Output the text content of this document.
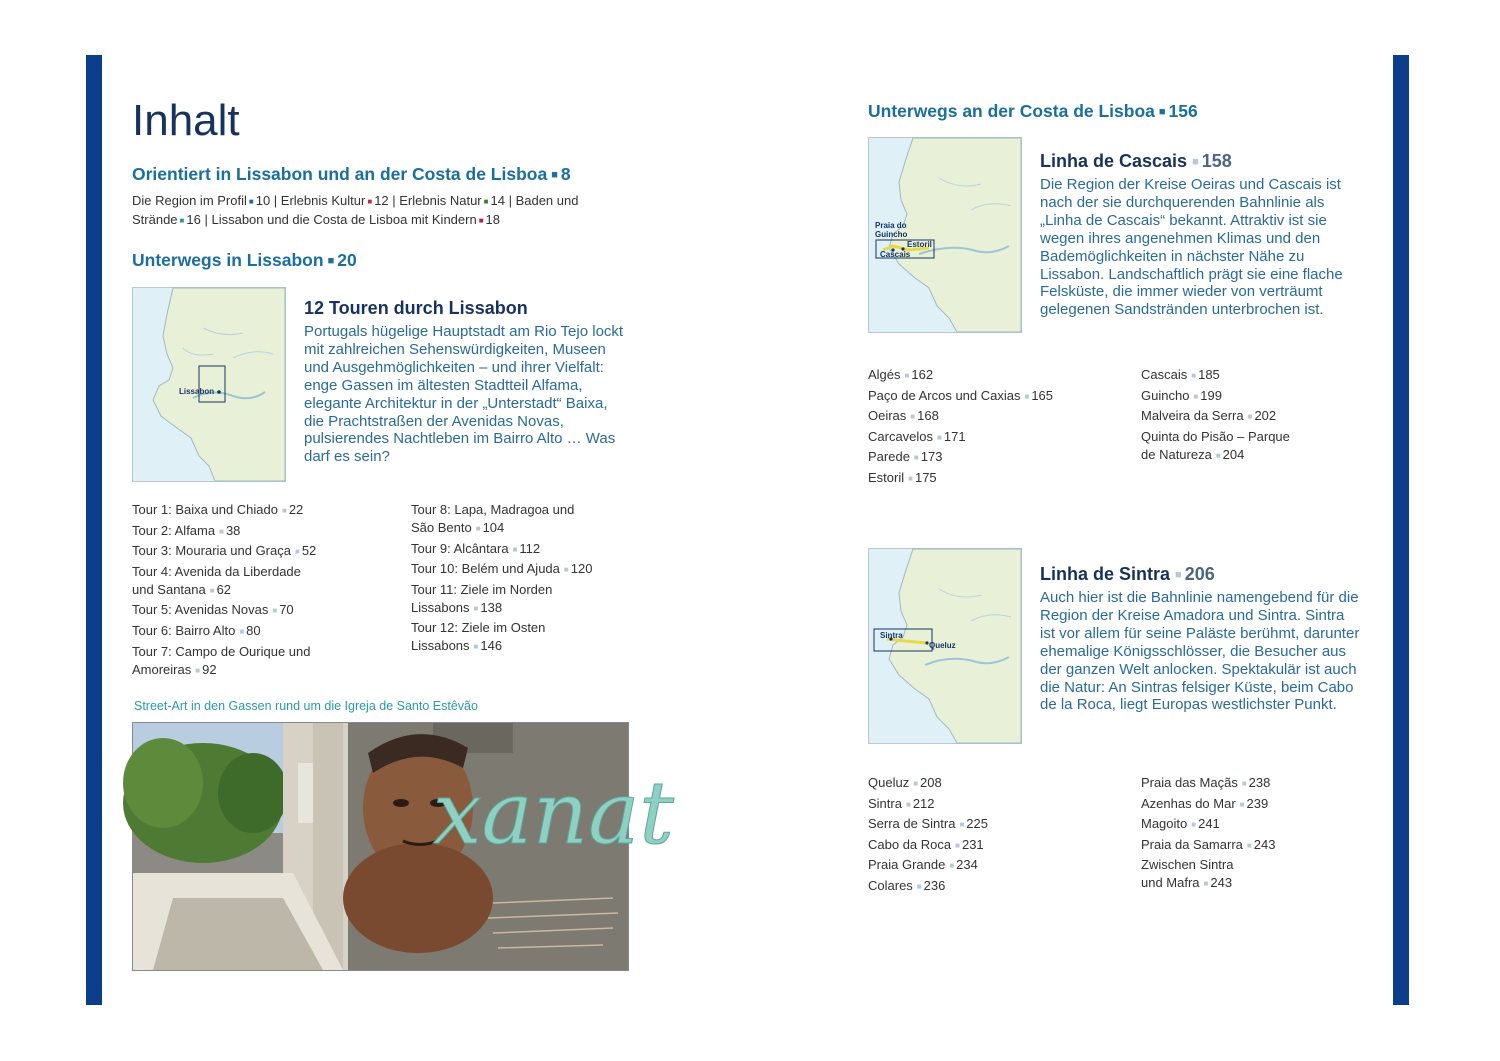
Inhalt
Orientiert in Lissabon und an der Costa de Lisboa ■ 8

Die Region im Profil ■ 10 | Erlebnis Kultur ■ 12 | Erlebnis Natur ■ 14 | Baden und Strände ■ 16 | Lissabon und die Costa de Lisboa mit Kindern ■ 18

Unterwegs in Lissabon ■ 20
Lissabon
12 Touren durch Lissabon

Portugals hügelige Hauptstadt am Rio Tejo lockt mit zahlreichen Sehenswürdigkeiten, Museen und Ausgehmöglichkeiten – und ihrer Vielfalt: enge Gassen im ältesten Stadtteil Alfama, elegante Architektur in der „Unterstadt“ Baixa, die Prachtstraßen der Avenidas Novas, pulsierendes Nachtleben im Bairro Alto … Was darf es sein?

Tour 1: Baixa und Chiado ■ 22
Tour 2: Alfama ■ 38
Tour 3: Mouraria und Graça ■ 52
Tour 4: Avenida da Liberdade und Santana ■ 62
Tour 5: Avenidas Novas ■ 70
Tour 6: Bairro Alto ■ 80
Tour 7: Campo de Ourique und Amoreiras ■ 92
Tour 8: Lapa, Madragoa und São Bento ■ 104
Tour 9: Alcântara ■ 112
Tour 10: Belém und Ajuda ■ 120
Tour 11: Ziele im Norden Lissabons ■ 138
Tour 12: Ziele im Osten Lissabons ■ 146

Street-Art in den Gassen rund um die Igreja de Santo Estêvão

xanat
Unterwegs an der Costa de Lisboa ■ 156
Praia do
Guincho
Estoril
Cascais
Linha de Cascais ■ 158

Die Region der Kreise Oeiras und Cascais ist nach der sie durchquerenden Bahnlinie als „Linha de Cascais“ bekannt. Attraktiv ist sie wegen ihres angenehmen Klimas und den Bademöglichkeiten in nächster Nähe zu Lissabon. Landschaftlich prägt sie eine flache Felsküste, die immer wieder von verträumt gelegenen Sandstränden unterbrochen ist.

Algés ■ 162
Paço de Arcos und Caxias ■ 165
Oeiras ■ 168
Carcavelos ■ 171
Parede ■ 173
Estoril ■ 175
Cascais ■ 185
Guincho ■ 199
Malveira da Serra ■ 202
Quinta do Pisão – Parque de Natureza ■ 204
Sintra
Queluz
Linha de Sintra ■ 206

Auch hier ist die Bahnlinie namengebend für die Region der Kreise Amadora und Sintra. Sintra ist vor allem für seine Paläste berühmt, darunter ehemalige Königsschlösser, die Besucher aus der ganzen Welt anlocken. Spektakulär ist auch die Natur: An Sintras felsiger Küste, beim Cabo de la Roca, liegt Europas westlichster Punkt.

Queluz ■ 208
Sintra ■ 212
Serra de Sintra ■ 225
Cabo da Roca ■ 231
Praia Grande ■ 234
Colares ■ 236
Praia das Maçãs ■ 238
Azenhas do Mar ■ 239
Magoito ■ 241
Praia da Samarra ■ 243
Zwischen Sintra und Mafra ■ 243
